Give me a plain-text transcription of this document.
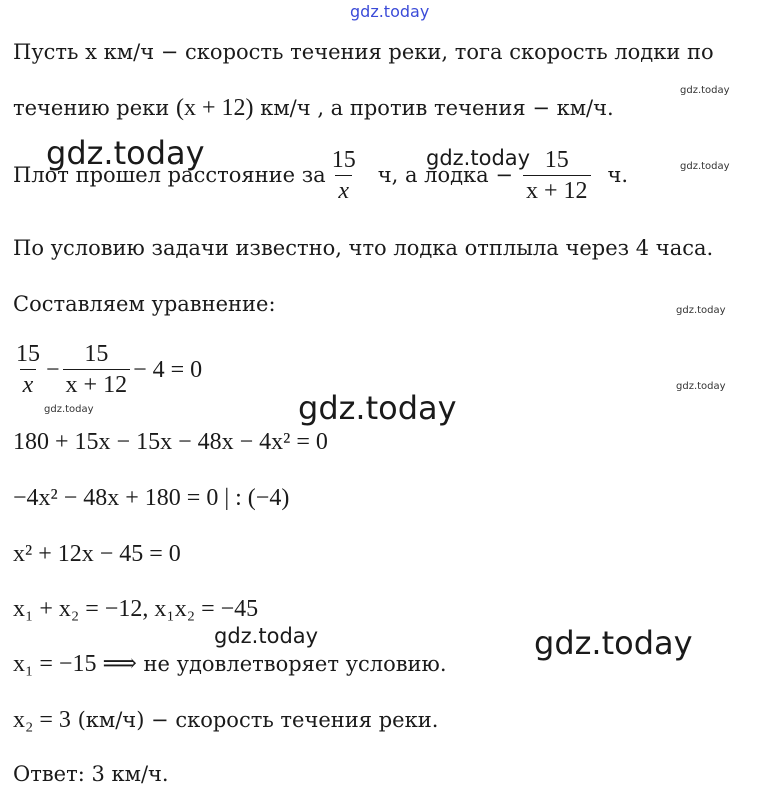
gdz.today
Пусть x км/ч − скорость течения реки, тога скорость лодки по
течению реки (x + 12) км/ч , а против течения − км/ч.
Плот прошел расстояние за $\frac{15}{x} ч$, а лодка − $\frac{15}{x + 12} ч$.
По условию задачи известно, что лодка отплыла через 4 часа.
Составляем уравнение:
$\frac{15}{x} - \frac{15}{x + 12} - 4 = 0$
180 + 15x − 15x − 48x − 4x² = 0
−4x² − 48x + 180 = 0 | : (−4)
x² + 12x − 45 = 0
x₁ + x₂ = −12, x₁x₂ = −45
x₁ = −15 ⟹ не удовлетворяет условию.
x₂ = 3 (км/ч) − скорость течения реки.
Ответ: 3 км/ч.
gdz.today	gdz.today
gdz.today
gdz.today	gdz.today
gdz.today
gdz.today
gdz.today
gdz.today
gdz.today
